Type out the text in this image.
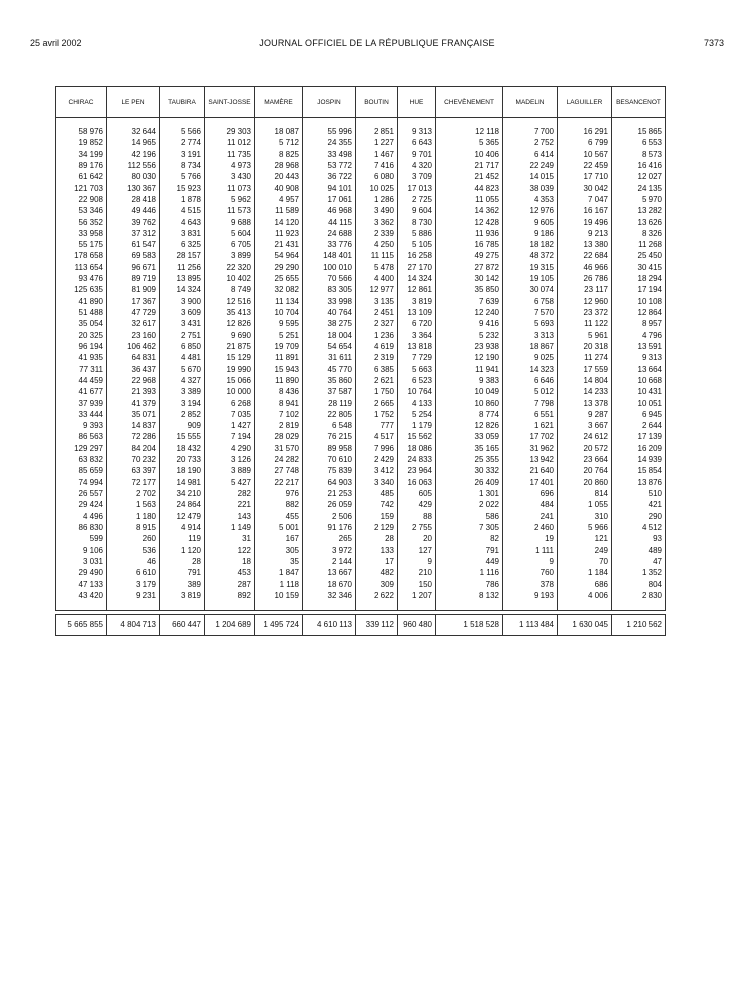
25 avril 2002	JOURNAL OFFICIEL DE LA RÉPUBLIQUE FRANÇAISE	7373
CHIRAC	LE PEN	TAUBIRA	SAINT-JOSSE	MAMÈRE	JOSPIN	BOUTIN	HUE	CHEVÈNEMENT	MADELIN	LAGUILLER	BESANCENOT

58 976	32 644	5 566	29 303	18 087	55 996	2 851	9 313	12 118	7 700	16 291	15 865
19 852	14 965	2 774	11 012	5 712	24 355	1 227	6 643	5 365	2 752	6 799	6 553
34 199	42 196	3 191	11 735	8 825	33 498	1 467	9 701	10 406	6 414	10 567	8 573
89 176	112 556	8 734	4 973	28 968	53 772	7 416	4 320	21 717	22 249	22 459	16 416
61 642	80 030	5 766	3 430	20 443	36 722	6 080	3 709	21 452	14 015	17 710	12 027
121 703	130 367	15 923	11 073	40 908	94 101	10 025	17 013	44 823	38 039	30 042	24 135
22 908	28 418	1 878	5 962	4 957	17 061	1 286	2 725	11 055	4 353	7 047	5 970
53 346	49 446	4 515	11 573	11 589	46 968	3 490	9 604	14 362	12 976	16 167	13 282
56 352	39 762	4 643	9 688	14 120	44 115	3 362	8 730	12 428	9 605	19 496	13 626
33 958	37 312	3 831	5 604	11 923	24 688	2 339	5 886	11 936	9 186	9 213	8 326
55 175	61 547	6 325	6 705	21 431	33 776	4 250	5 105	16 785	18 182	13 380	11 268
178 658	69 583	28 157	3 899	54 964	148 401	11 115	16 258	49 275	48 372	22 684	25 450
113 654	96 671	11 256	22 320	29 290	100 010	5 478	27 170	27 872	19 315	46 966	30 415
93 476	89 719	13 895	10 402	25 655	70 566	4 400	14 324	30 142	19 105	26 786	18 294
125 635	81 909	14 324	8 749	32 082	83 305	12 977	12 861	35 850	30 074	23 117	17 194
41 890	17 367	3 900	12 516	11 134	33 998	3 135	3 819	7 639	6 758	12 960	10 108
51 488	47 729	3 609	35 413	10 704	40 764	2 451	13 109	12 240	7 570	23 372	12 864
35 054	32 617	3 431	12 826	9 595	38 275	2 327	6 720	9 416	5 693	11 122	8 957
20 325	23 160	2 751	9 690	5 251	18 004	1 236	3 364	5 232	3 313	5 961	4 796
96 194	106 462	6 850	21 875	19 709	54 654	4 619	13 818	23 938	18 867	20 318	13 591
41 935	64 831	4 481	15 129	11 891	31 611	2 319	7 729	12 190	9 025	11 274	9 313
77 311	36 437	5 670	19 990	15 943	45 770	6 385	5 663	11 941	14 323	17 559	13 664
44 459	22 968	4 327	15 066	11 890	35 860	2 621	6 523	9 383	6 646	14 804	10 668
41 677	21 393	3 389	10 000	8 436	37 587	1 750	10 764	10 049	5 012	14 233	10 431
37 939	41 379	3 194	6 268	8 941	28 119	2 665	4 133	10 860	7 798	13 378	10 051
33 444	35 071	2 852	7 035	7 102	22 805	1 752	5 254	8 774	6 551	9 287	6 945
9 393	14 837	909	1 427	2 819	6 548	777	1 179	12 826	1 621	3 667	2 644
86 563	72 286	15 555	7 194	28 029	76 215	4 517	15 562	33 059	17 702	24 612	17 139
129 297	84 204	18 432	4 290	31 570	89 958	7 996	18 086	35 165	31 962	20 572	16 209
63 832	70 232	20 733	3 126	24 282	70 610	2 429	24 833	25 355	13 942	23 664	14 939
85 659	63 397	18 190	3 889	27 748	75 839	3 412	23 964	30 332	21 640	20 764	15 854
74 994	72 177	14 981	5 427	22 217	64 903	3 340	16 063	26 409	17 401	20 860	13 876
26 557	2 702	34 210	282	976	21 253	485	605	1 301	696	814	510
29 424	1 563	24 864	221	882	26 059	742	429	2 022	484	1 055	421
4 496	1 180	12 479	143	455	2 506	159	88	586	241	310	290
86 830	8 915	4 914	1 149	5 001	91 176	2 129	2 755	7 305	2 460	5 966	4 512
599	260	119	31	167	265	28	20	82	19	121	93
9 106	536	1 120	122	305	3 972	133	127	791	1 111	249	489
3 031	46	28	18	35	2 144	17	9	449	9	70	47
29 490	6 610	791	453	1 847	13 667	482	210	1 116	760	1 184	1 352
47 133	3 179	389	287	1 118	18 670	309	150	786	378	686	804
43 420	9 231	3 819	892	10 159	32 346	2 622	1 207	8 132	9 193	4 006	2 830

5 665 855	4 804 713	660 447	1 204 689	1 495 724	4 610 113	339 112	960 480	1 518 528	1 113 484	1 630 045	1 210 562
